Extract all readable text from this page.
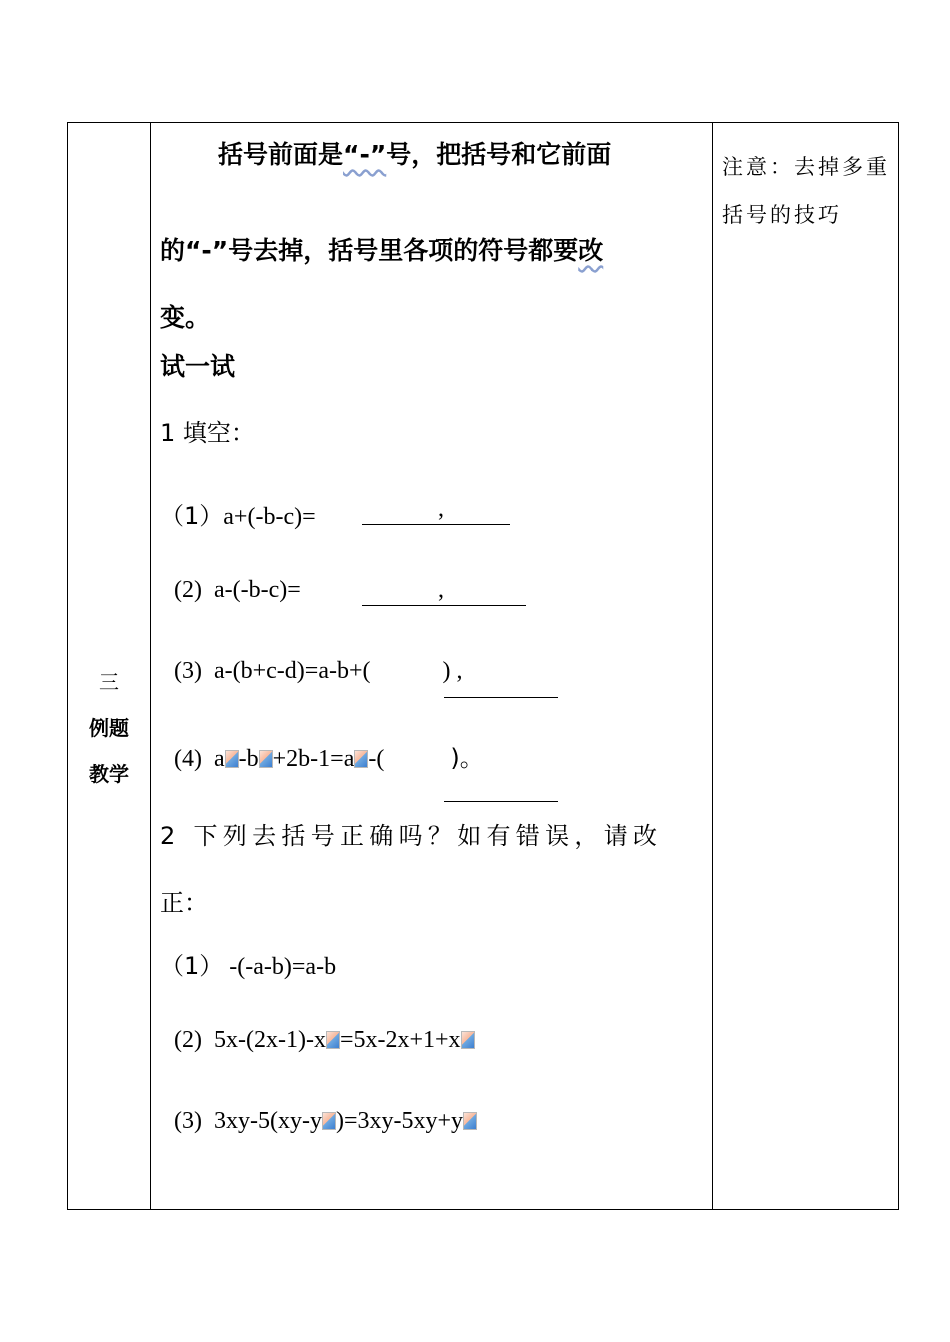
三
例题
教学
注意：去掉多重括号的技巧
括号前面是“-”号，把括号和它前面
的“-”号去掉，括号里各项的符号都要改
变。
试一试
1 填空：
（1）a+(-b-c)=	,
(2) a-(-b-c)=	,
(3) a-(b+c-d)=a-b+(	) ,
(4) a -b +2b-1=a -(	)。
2 下列去括号正确吗？如有错误，请改
正：
（1） -(-a-b)=a-b
(2) 5x-(2x-1)-x =5x-2x+1+x
(3) 3xy-5(xy-y )=3xy-5xy+y
